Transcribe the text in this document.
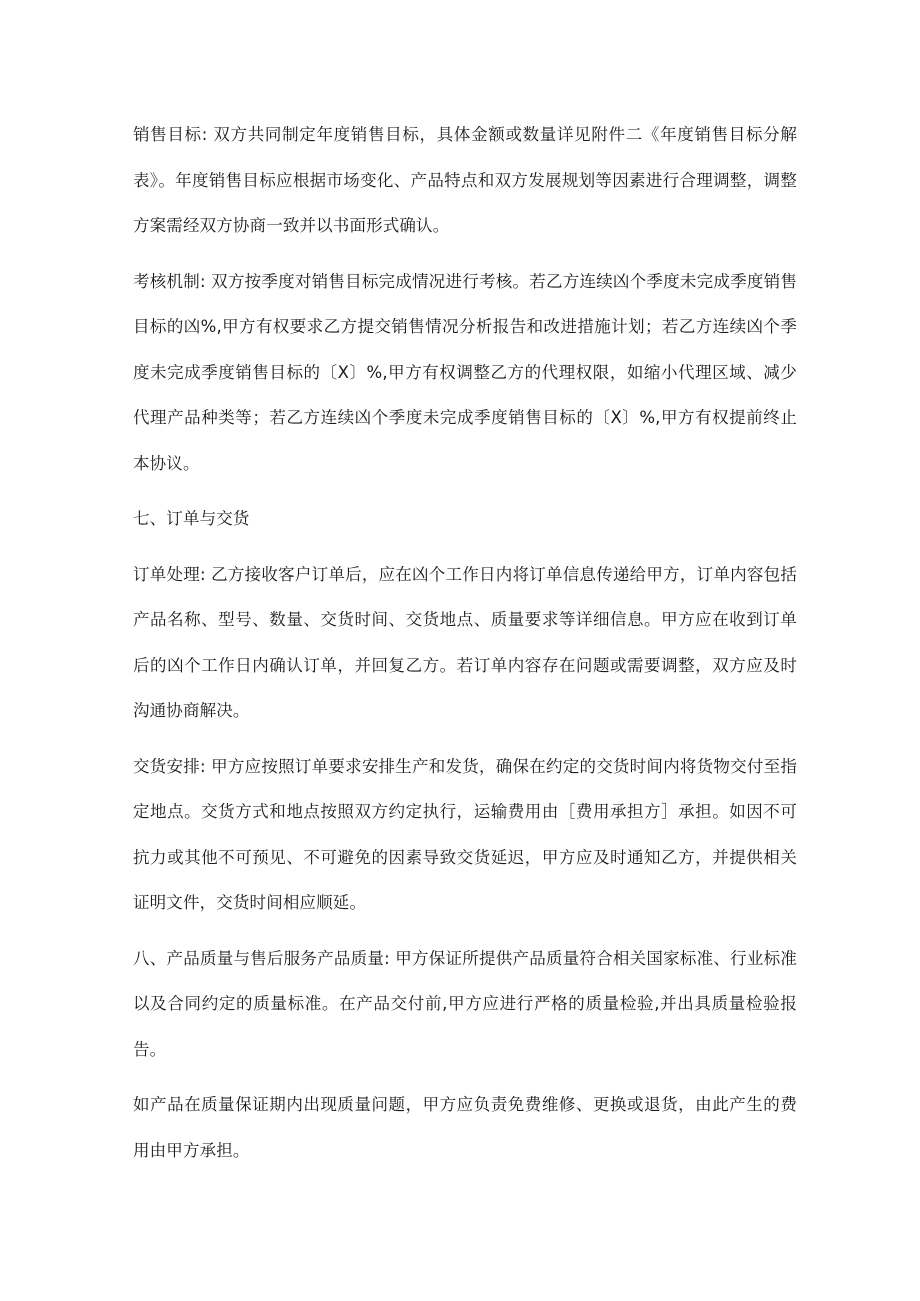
销售目标: 双方共同制定年度销售目标，具体金额或数量详见附件二《年度销售目标分解表》。年度销售目标应根据市场变化、产品特点和双方发展规划等因素进行合理调整，调整方案需经双方协商一致并以书面形式确认。

考核机制: 双方按季度对销售目标完成情况进行考核。若乙方连续凶个季度未完成季度销售目标的凶%,甲方有权要求乙方提交销售情况分析报告和改进措施计划；若乙方连续凶个季度未完成季度销售目标的〔X〕%,甲方有权调整乙方的代理权限，如缩小代理区域、减少代理产品种类等；若乙方连续凶个季度未完成季度销售目标的〔X〕%,甲方有权提前终止本协议。

七、订单与交货

订单处理: 乙方接收客户订单后，应在凶个工作日内将订单信息传递给甲方，订单内容包括产品名称、型号、数量、交货时间、交货地点、质量要求等详细信息。甲方应在收到订单后的凶个工作日内确认订单，并回复乙方。若订单内容存在问题或需要调整，双方应及时沟通协商解决。

交货安排: 甲方应按照订单要求安排生产和发货，确保在约定的交货时间内将货物交付至指定地点。交货方式和地点按照双方约定执行，运输费用由［费用承担方］承担。如因不可抗力或其他不可预见、不可避免的因素导致交货延迟，甲方应及时通知乙方，并提供相关证明文件，交货时间相应顺延。

八、产品质量与售后服务产品质量: 甲方保证所提供产品质量符合相关国家标准、行业标准以及合同约定的质量标准。在产品交付前,甲方应进行严格的质量检验,并出具质量检验报告。

如产品在质量保证期内出现质量问题，甲方应负责免费维修、更换或退货，由此产生的费用由甲方承担。
